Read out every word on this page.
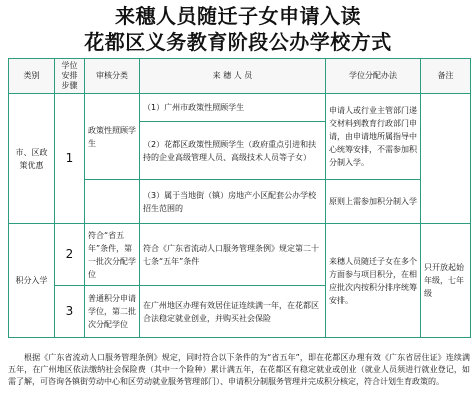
来穗人员随迁子女申请入读
花都区义务教育阶段公办学校方式
类别	学位安排步骤	审核分类	来 穗 人 员	学位分配办法	备注
市、区政策优惠	1	政策性照顾学生	（1）广州市政策性照顾学生	申请人或行业主管部门递交材料到教育行政部门申请，由申请地所属指导中心统筹安排，不需参加积分制入学。	
			（2）花都区政策性照顾学生（政府重点引进和扶持的企业高级管理人员、高级技术人员等子女）		
			（3）属于当地街（镇）房地产小区配套公办学校招生范围的	原则上需参加积分制入学	
积分入学	2	符合“省五年”条件，第一批次分配学位	符合《广东省流动人口服务管理条例》规定第二十七条“五年”条件	来穗人员随迁子女在多个方面参与项目积分，在相应批次内按积分排序统筹安排。	只开放起始年级，七年级
	3	普通积分申请学位，第二批次分配学位	在广州地区办理有效居住证连续满一年，在花都区合法稳定就业创业，并购买社会保险		
根据《广东省流动人口服务管理条例》规定，同时符合以下条件的为“省五年”，即在花都区办理有效《广东省居住证》连续满五年，在广州地区依法缴纳社会保险费（其中一个险种）累计满五年，在花都区有稳定就业或创业（就业人员须进行就业登记，如需了解，可咨询各镇街劳动中心和区劳动就业服务管理部门）、申请积分制服务管理并完成积分核定，符合计划生育政策的。
